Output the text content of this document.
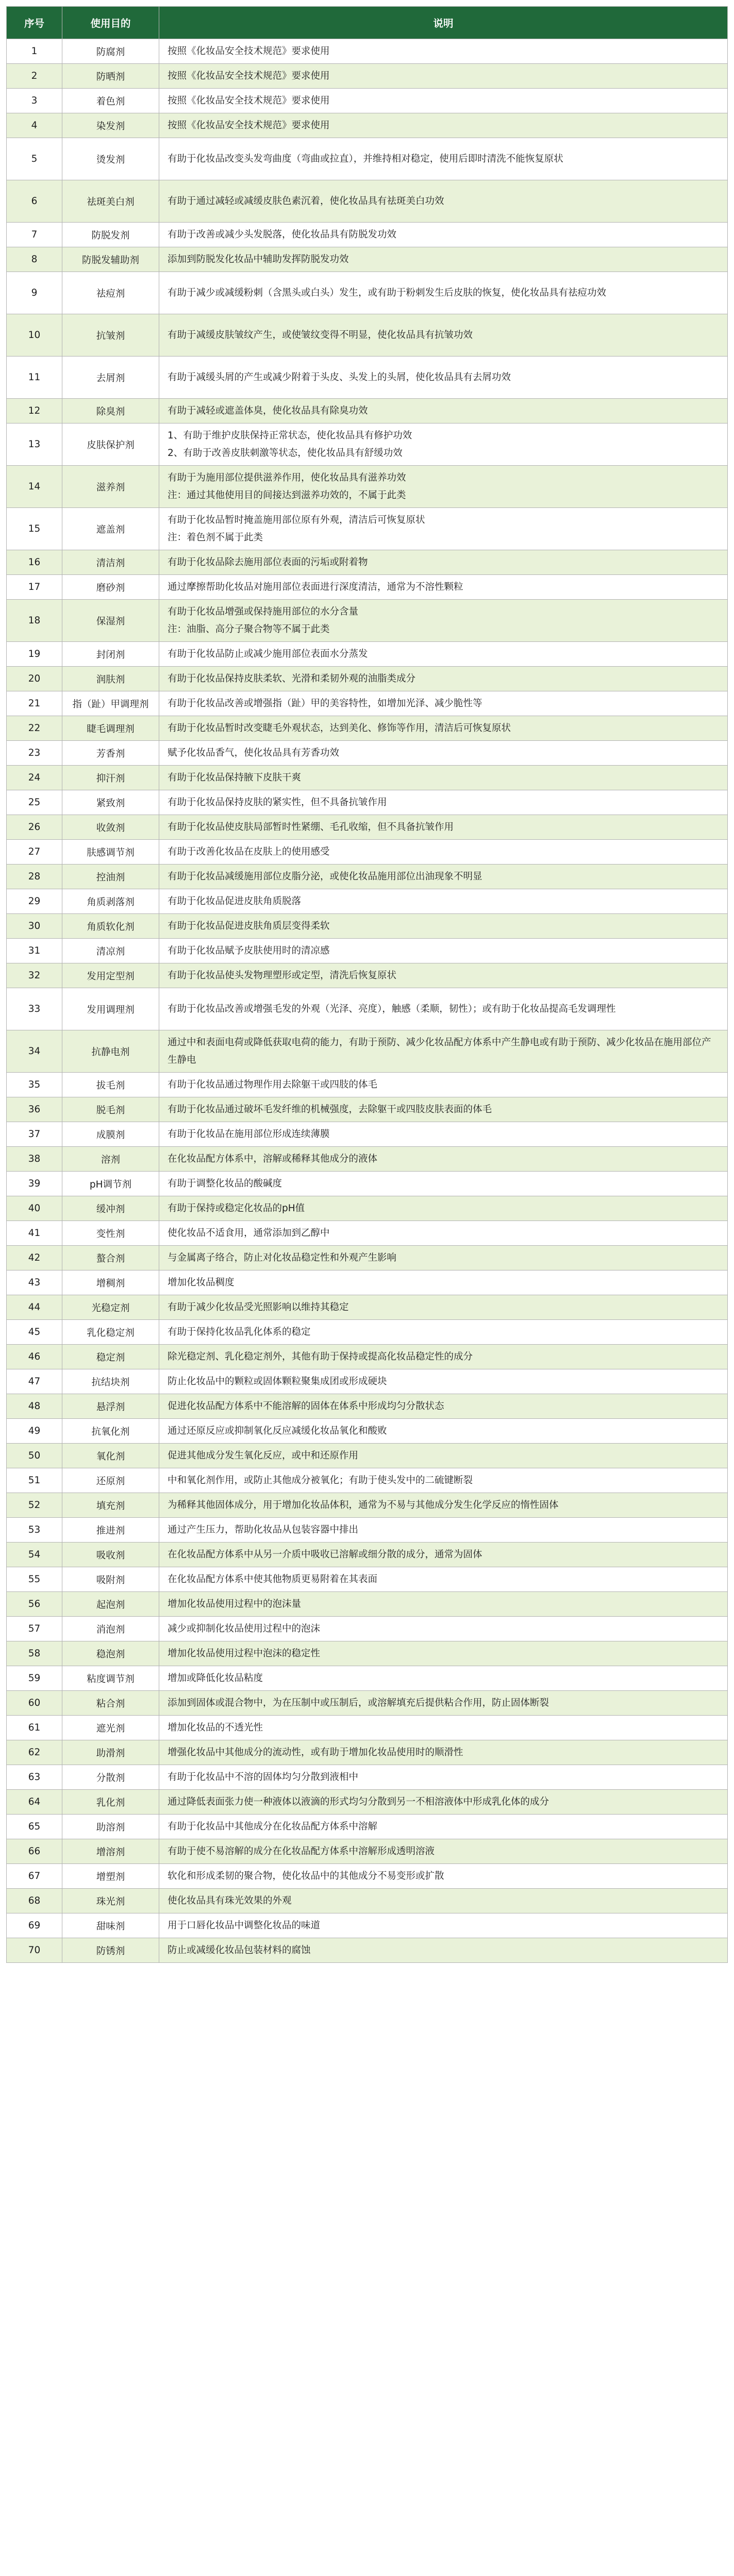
序号	使用目的	说明
1	防腐剂	按照《化妆品安全技术规范》要求使用
2	防晒剂	按照《化妆品安全技术规范》要求使用
3	着色剂	按照《化妆品安全技术规范》要求使用
4	染发剂	按照《化妆品安全技术规范》要求使用
5	烫发剂	有助于化妆品改变头发弯曲度（弯曲或拉直），并维持相对稳定，使用后即时清洗不能恢复原状
6	祛斑美白剂	有助于通过减轻或减缓皮肤色素沉着，使化妆品具有祛斑美白功效
7	防脱发剂	有助于改善或减少头发脱落，使化妆品具有防脱发功效
8	防脱发辅助剂	添加到防脱发化妆品中辅助发挥防脱发功效
9	祛痘剂	有助于减少或减缓粉刺（含黑头或白头）发生，或有助于粉刺发生后皮肤的恢复，使化妆品具有祛痘功效
10	抗皱剂	有助于减缓皮肤皱纹产生，或使皱纹变得不明显，使化妆品具有抗皱功效
11	去屑剂	有助于减缓头屑的产生或减少附着于头皮、头发上的头屑，使化妆品具有去屑功效
12	除臭剂	有助于减轻或遮盖体臭，使化妆品具有除臭功效
13	皮肤保护剂	1、有助于维护皮肤保持正常状态，使化妆品具有修护功效
2、有助于改善皮肤刺激等状态，使化妆品具有舒缓功效
14	滋养剂	有助于为施用部位提供滋养作用，使化妆品具有滋养功效
注：通过其他使用目的间接达到滋养功效的，不属于此类
15	遮盖剂	有助于化妆品暂时掩盖施用部位原有外观，清洁后可恢复原状
注：着色剂不属于此类
16	清洁剂	有助于化妆品除去施用部位表面的污垢或附着物
17	磨砂剂	通过摩擦帮助化妆品对施用部位表面进行深度清洁，通常为不溶性颗粒
18	保湿剂	有助于化妆品增强或保持施用部位的水分含量
注：油脂、高分子聚合物等不属于此类
19	封闭剂	有助于化妆品防止或减少施用部位表面水分蒸发
20	润肤剂	有助于化妆品保持皮肤柔软、光滑和柔韧外观的油脂类成分
21	指（趾）甲调理剂	有助于化妆品改善或增强指（趾）甲的美容特性，如增加光泽、减少脆性等
22	睫毛调理剂	有助于化妆品暂时改变睫毛外观状态，达到美化、修饰等作用，清洁后可恢复原状
23	芳香剂	赋予化妆品香气，使化妆品具有芳香功效
24	抑汗剂	有助于化妆品保持腋下皮肤干爽
25	紧致剂	有助于化妆品保持皮肤的紧实性，但不具备抗皱作用
26	收敛剂	有助于化妆品使皮肤局部暂时性紧绷、毛孔收缩，但不具备抗皱作用
27	肤感调节剂	有助于改善化妆品在皮肤上的使用感受
28	控油剂	有助于化妆品减缓施用部位皮脂分泌，或使化妆品施用部位出油现象不明显
29	角质剥落剂	有助于化妆品促进皮肤角质脱落
30	角质软化剂	有助于化妆品促进皮肤角质层变得柔软
31	清凉剂	有助于化妆品赋予皮肤使用时的清凉感
32	发用定型剂	有助于化妆品使头发物理塑形或定型，清洗后恢复原状
33	发用调理剂	有助于化妆品改善或增强毛发的外观（光泽、亮度），触感（柔顺，韧性）；或有助于化妆品提高毛发调理性
34	抗静电剂	通过中和表面电荷或降低获取电荷的能力，有助于预防、减少化妆品配方体系中产生静电或有助于预防、减少化妆品在施用部位产生静电
35	拔毛剂	有助于化妆品通过物理作用去除躯干或四肢的体毛
36	脱毛剂	有助于化妆品通过破坏毛发纤维的机械强度，去除躯干或四肢皮肤表面的体毛
37	成膜剂	有助于化妆品在施用部位形成连续薄膜
38	溶剂	在化妆品配方体系中，溶解或稀释其他成分的液体
39	pH调节剂	有助于调整化妆品的酸碱度
40	缓冲剂	有助于保持或稳定化妆品的pH值
41	变性剂	使化妆品不适食用，通常添加到乙醇中
42	螯合剂	与金属离子络合，防止对化妆品稳定性和外观产生影响
43	增稠剂	增加化妆品稠度
44	光稳定剂	有助于减少化妆品受光照影响以维持其稳定
45	乳化稳定剂	有助于保持化妆品乳化体系的稳定
46	稳定剂	除光稳定剂、乳化稳定剂外，其他有助于保持或提高化妆品稳定性的成分
47	抗结块剂	防止化妆品中的颗粒或固体颗粒聚集成团或形成硬块
48	悬浮剂	促进化妆品配方体系中不能溶解的固体在体系中形成均匀分散状态
49	抗氧化剂	通过还原反应或抑制氧化反应减缓化妆品氧化和酸败
50	氧化剂	促进其他成分发生氧化反应，或中和还原作用
51	还原剂	中和氧化剂作用，或防止其他成分被氧化；有助于使头发中的二硫键断裂
52	填充剂	为稀释其他固体成分，用于增加化妆品体积，通常为不易与其他成分发生化学反应的惰性固体
53	推进剂	通过产生压力，帮助化妆品从包装容器中排出
54	吸收剂	在化妆品配方体系中从另一介质中吸收已溶解或细分散的成分，通常为固体
55	吸附剂	在化妆品配方体系中使其他物质更易附着在其表面
56	起泡剂	增加化妆品使用过程中的泡沫量
57	消泡剂	减少或抑制化妆品使用过程中的泡沫
58	稳泡剂	增加化妆品使用过程中泡沫的稳定性
59	粘度调节剂	增加或降低化妆品粘度
60	粘合剂	添加到固体或混合物中，为在压制中或压制后，或溶解填充后提供粘合作用，防止固体断裂
61	遮光剂	增加化妆品的不透光性
62	助滑剂	增强化妆品中其他成分的流动性，或有助于增加化妆品使用时的顺滑性
63	分散剂	有助于化妆品中不溶的固体均匀分散到液相中
64	乳化剂	通过降低表面张力使一种液体以液滴的形式均匀分散到另一不相溶液体中形成乳化体的成分
65	助溶剂	有助于化妆品中其他成分在化妆品配方体系中溶解
66	增溶剂	有助于使不易溶解的成分在化妆品配方体系中溶解形成透明溶液
67	增塑剂	软化和形成柔韧的聚合物，使化妆品中的其他成分不易变形或扩散
68	珠光剂	使化妆品具有珠光效果的外观
69	甜味剂	用于口唇化妆品中调整化妆品的味道
70	防锈剂	防止或减缓化妆品包装材料的腐蚀
